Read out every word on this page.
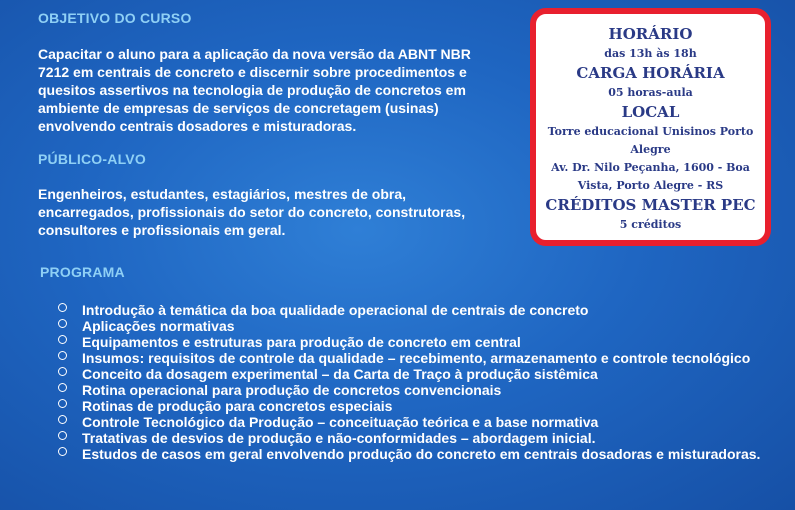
OBJETIVO DO CURSO
Capacitar o aluno para a aplicação da nova versão da ABNT NBR 7212 em centrais de concreto e discernir sobre procedimentos e quesitos assertivos na tecnologia de produção de concretos em ambiente de empresas de serviços de concretagem (usinas) envolvendo centrais dosadores e misturadoras.
PÚBLICO-ALVO
Engenheiros, estudantes, estagiários, mestres de obra, encarregados, profissionais do setor do concreto, construtoras, consultores e profissionais em geral.
HORÁRIO
das 13h às 18h
CARGA HORÁRIA
05 horas-aula
LOCAL
Torre educacional Unisinos Porto Alegre
Av. Dr. Nilo Peçanha, 1600 - Boa Vista, Porto Alegre - RS
CRÉDITOS MASTER PEC
5 créditos
PROGRAMA
Introdução à temática da boa qualidade operacional de centrais de concreto
Aplicações normativas
Equipamentos e estruturas para produção de concreto em central
Insumos: requisitos de controle da qualidade – recebimento, armazenamento e controle tecnológico
Conceito da dosagem experimental – da Carta de Traço à produção sistêmica
Rotina operacional para produção de concretos convencionais
Rotinas de produção para concretos especiais
Controle Tecnológico da Produção – conceituação teórica e a base normativa
Tratativas de desvios de produção e não-conformidades – abordagem inicial.
Estudos de casos em geral envolvendo produção do concreto em centrais dosadoras e misturadoras.
